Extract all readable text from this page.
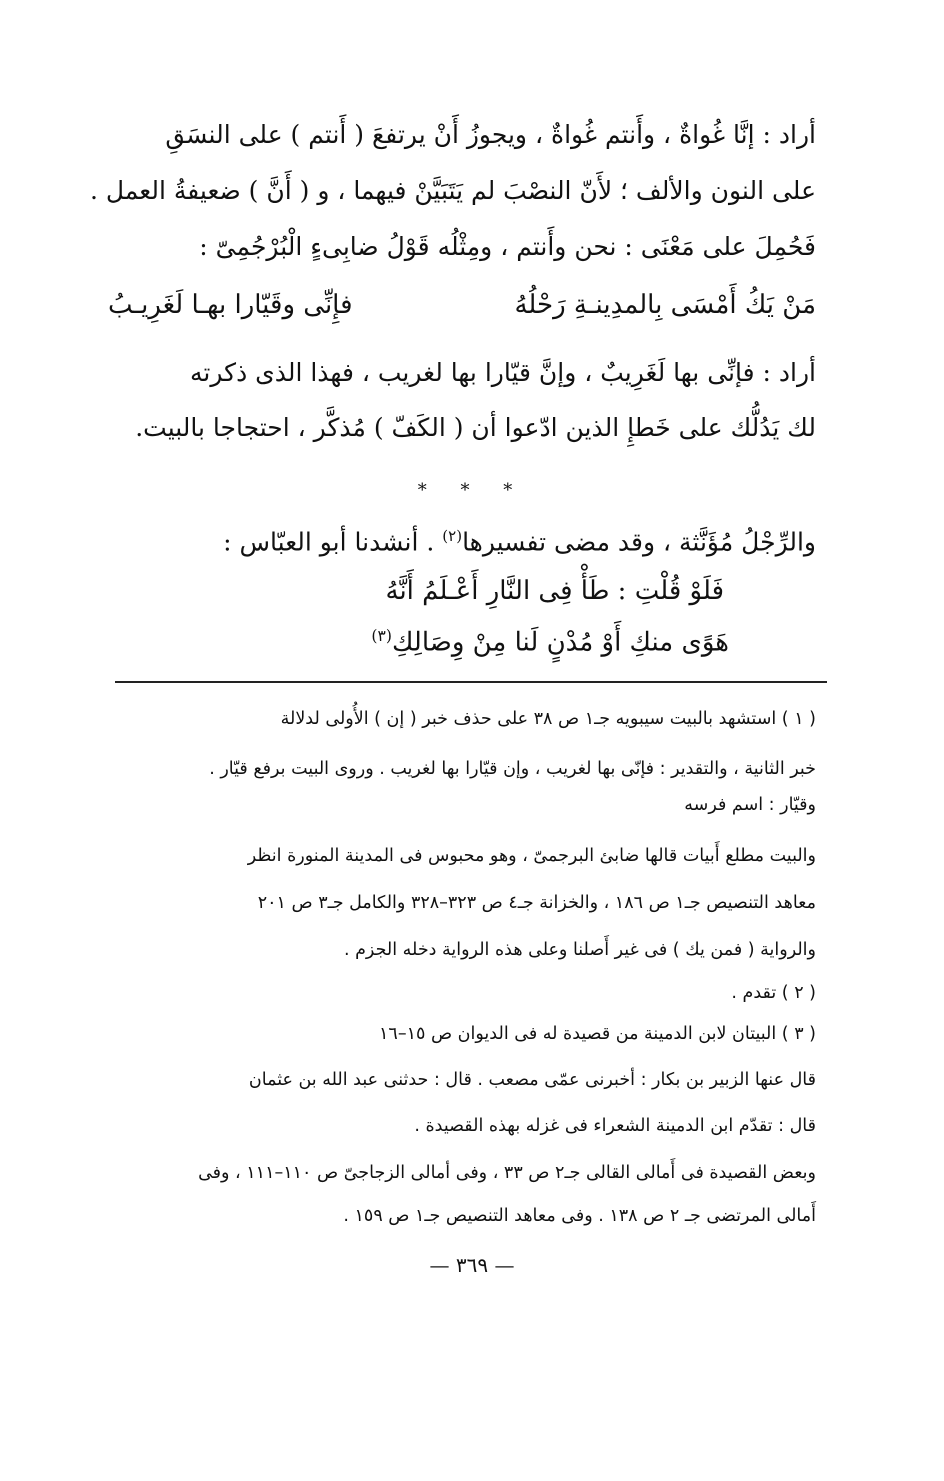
أراد : إنَّا غُواةٌ ، وأَنتم غُواةٌ ، ويجوزُ أَنْ يرتفعَ ( أَنتم ) على النسَقِ
على النون والألف ؛ لأَنّ النصْبَ لم يَتَبَيَّنْ فيهما ، و ( أَنَّ ) ضعيفةُ العمل .
فَحُمِلَ على مَعْنَى : نحن وأَنتم ، ومِثْلُه قَوْلُ ضابِىءٍ الْبُرْجُمِىّ :
مَنْ يَكُ أَمْسَى بِالمدِينـةِ رَحْلُهُ
فإِنِّى وقَيّارا بهـا لَغَرِيـبُ
أراد : فإنِّى بها لَغَرِيبٌ ، وإنَّ قيّارا بها لغريب ، فهذا الذى ذكرته
لك يَدُلُّك على خَطإِ الذين ادّعوا أن ( الكَفّ ) مُذكَّر ، احتجاجا بالبيت.
* * *
والرِّجْلُ مُؤَنَّثة ، وقد مضى تفسيرها$^{(٢)}$ . أنشدنا أبو العبّاس :
فَلَوْ قُلْتِ : طَأْ فِى النَّارِ أَعْـلَمُ أَنَّهُ
هَوًى منكِ أَوْ مُدْنٍ لَنا مِنْ وِصَالِكِ$^{(٣)}$
( ١ ) استشهد بالبيت سيبويه جـ١ ص ٣٨ على حذف خبر ( إن ) الأُولى لدلالة
خبر الثانية ، والتقدير : فإنّى بها لغريب ، وإن قيّارا بها لغريب . وروى البيت برفع قيّار .
وقيّار : اسم فرسه
والبيت مطلع أَبيات قالها ضابئ البرجمىّ ، وهو محبوس فى المدينة المنورة انظر
معاهد التنصيص جـ١ ص ١٨٦ ، والخزانة جـ٤ ص ٣٢٣–٣٢٨ والكامل جـ٣ ص ٢٠١
والرواية ( فمن يك ) فى غير أَصلنا وعلى هذه الرواية دخله الجزم .
( ٢ ) تقدم .
( ٣ ) البيتان لابن الدمينة من قصيدة له فى الديوان ص ١٥–١٦
قال عنها الزبير بن بكار : أخبرنى عمّى مصعب . قال : حدثنى عبد الله بن عثمان
قال : تقدّم ابن الدمينة الشعراء فى غزله بهذه القصيدة .
وبعض القصيدة فى أَمالى القالى جـ٢ ص ٣٣ ، وفى أمالى الزجاجىّ ص ١١٠–١١١ ، وفى
أَمالى المرتضى جـ ٢ ص ١٣٨ . وفى معاهد التنصيص جـ١ ص ١٥٩ .
— ٣٦٩ —
